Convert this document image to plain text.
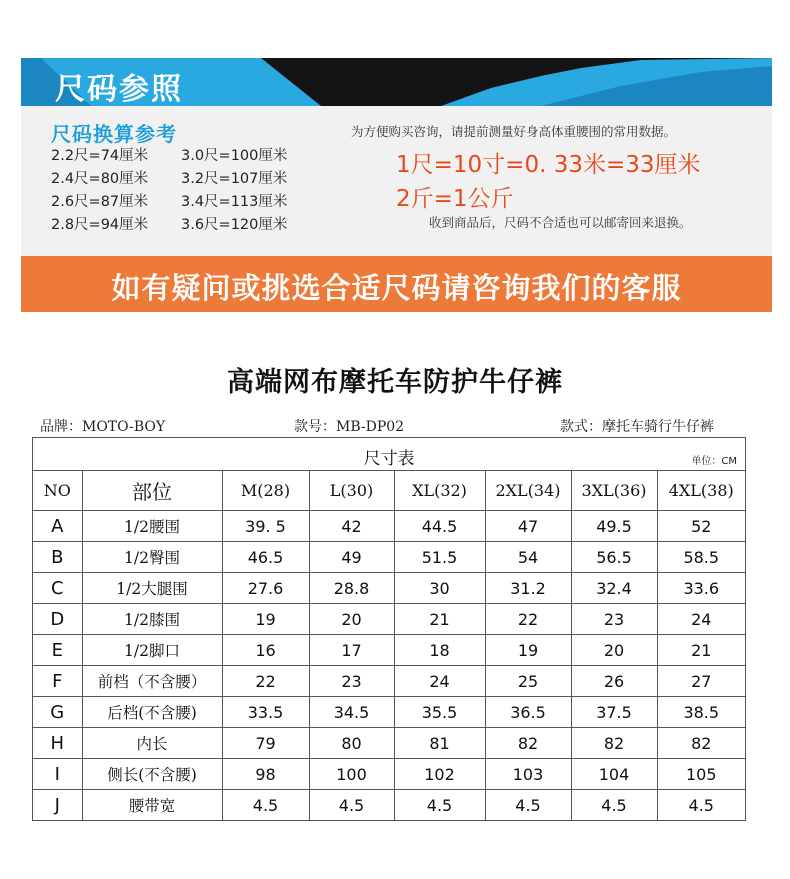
尺码参照
尺码换算参考
2.2尺=74厘米	3.0尺=100厘米
2.4尺=80厘米	3.2尺=107厘米
2.6尺=87厘米	3.4尺=113厘米
2.8尺=94厘米	3.6尺=120厘米
为方便购买咨询，请提前测量好身高体重腰围的常用数据。
1尺=10寸=0. 33米=33厘米
2斤=1公斤
收到商品后，尺码不合适也可以邮寄回来退换。
如有疑问或挑选合适尺码请咨询我们的客服
高端网布摩托车防护牛仔裤
品牌：MOTO-BOY	款号：MB-DP02	款式：摩托车骑行牛仔裤
尺寸表	单位：CM
NO	部位	M(28)	L(30)	XL(32)	2XL(34)	3XL(36)	4XL(38)
A	1/2腰围	39. 5	42	44.5	47	49.5	52
B	1/2臀围	46.5	49	51.5	54	56.5	58.5
C	1/2大腿围	27.6	28.8	30	31.2	32.4	33.6
D	1/2膝围	19	20	21	22	23	24
E	1/2脚口	16	17	18	19	20	21
F	前档（不含腰）	22	23	24	25	26	27
G	后档(不含腰)	33.5	34.5	35.5	36.5	37.5	38.5
H	内长	79	80	81	82	82	82
I	侧长(不含腰)	98	100	102	103	104	105
J	腰带宽	4.5	4.5	4.5	4.5	4.5	4.5
